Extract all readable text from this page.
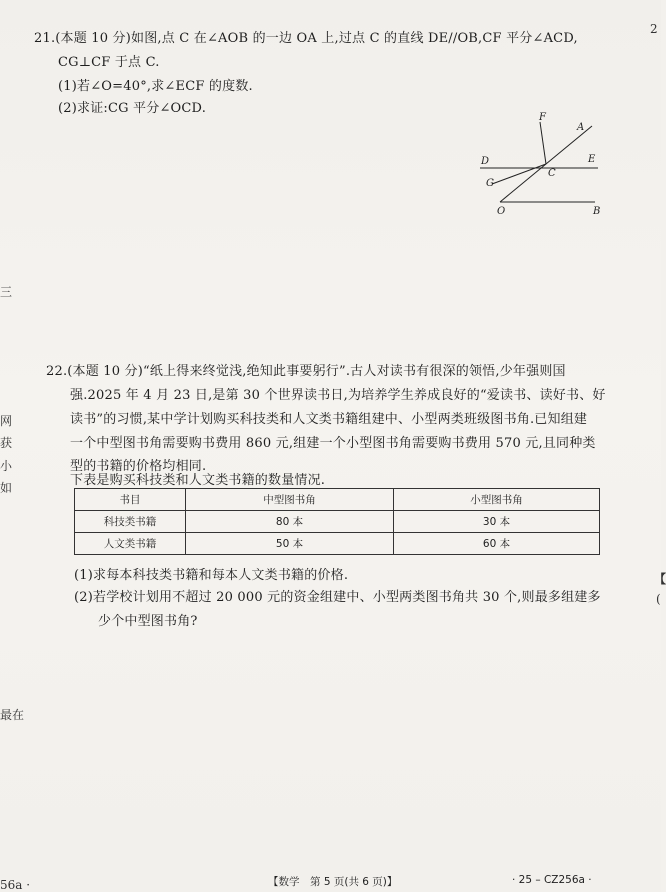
21.(本题 10 分)如图,点 C 在∠AOB 的一边 OA 上,过点 C 的直线 DE//OB,CF 平分∠ACD,
CG⊥CF 于点 C.
(1)若∠O=40°,求∠ECF 的度数.
(2)求证:CG 平分∠OCD.
F
A
D	E
C
G
O	B
22.(本题 10 分)“纸上得来终觉浅,绝知此事要躬行”.古人对读书有很深的领悟,少年强则国
强.2025 年 4 月 23 日,是第 30 个世界读书日,为培养学生养成良好的“爱读书、读好书、好
读书”的习惯,某中学计划购买科技类和人文类书籍组建中、小型两类班级图书角.已知组建
一个中型图书角需要购书费用 860 元,组建一个小型图书角需要购书费用 570 元,且同种类
型的书籍的价格均相同.
下表是购买科技类和人文类书籍的数量情况.
书目	中型图书角	小型图书角
科技类书籍	80 本	30 本
人文类书籍	50 本	60 本
(1)求每本科技类书籍和每本人文类书籍的价格.
(2)若学校计划用不超过 20 000 元的资金组建中、小型两类图书角共 30 个,则最多组建多
少个中型图书角?
2
三
网
获
小
如
最在
【
(
56a ·	【数学　第 5 页(共 6 页)】	· 25 – CZ256a ·
